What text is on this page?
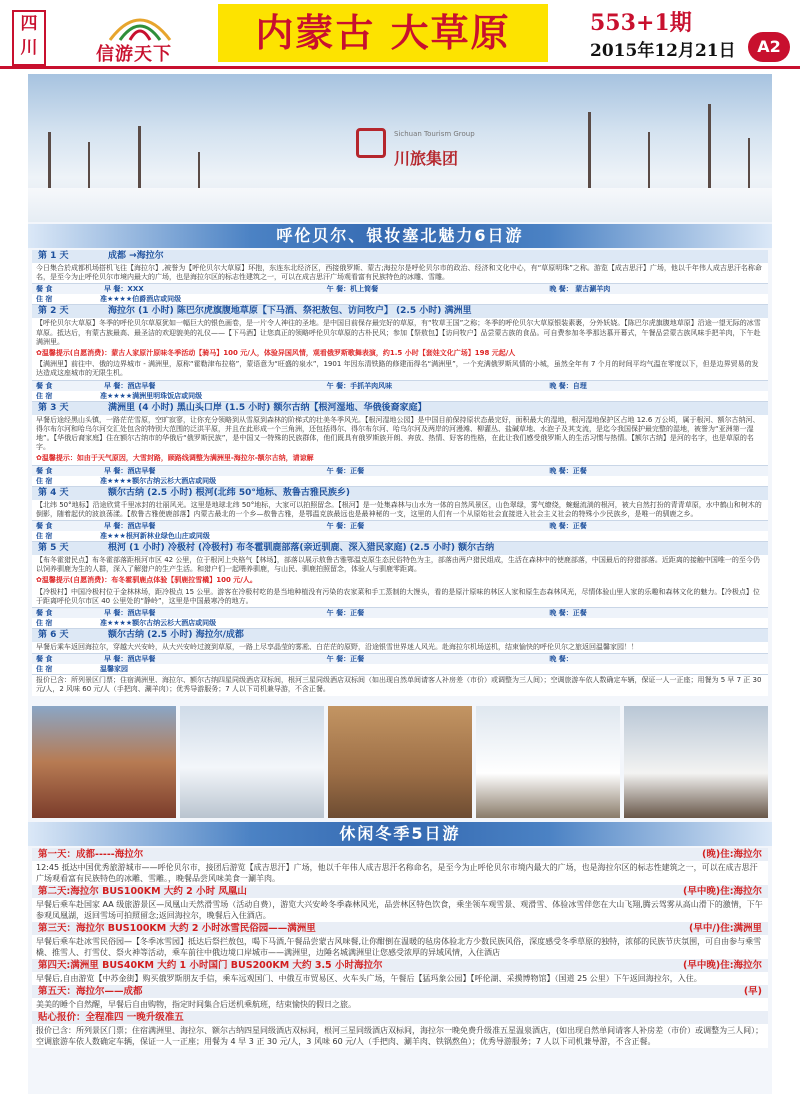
四川	信游天下	内蒙古 大草原	553+1期
2015年12月21日	A2
Sichuan Tourism Group
川旅集团
呼伦贝尔、银妆塞北魅力6日游
第 1 天	成都 →海拉尔
今日集合於成都机场搭机飞往【海拉尔】,被誉为【呼伦贝尔大草原】环抱，东连东北经济区，西接俄罗斯、蒙古;海拉尔是呼伦贝尔市的政治、经济和文化中心，有“草原明珠”之称。游览【成吉思汗】广场，他以千年伟人成吉思汗名称命名，是至今为止呼伦贝尔市境内最大的广场，也是海拉尔区的标志性建筑之一，可以在成吉思汗广场观看富有民族特色的冰雕、雪雕。
餐 食	早 餐：XXX	午 餐：机上简餐	晚 餐： 蒙古涮羊肉
住 宿	准★★★★伯爵酒店或同级
第 2 天	海拉尔 (1 小时) 陈巴尔虎旗腹地草原【下马酒、祭祀敖包、访问牧户】 (2.5 小时) 满洲里
【呼伦贝尔大草原】冬季的呼伦贝尔草原犹如一幅巨大的银色画卷，是一片令人神往的圣地。是中国目前保存最完好的草原，有“牧草王国”之称；冬季的呼伦贝尔大草原银装素裹，分外妖娆。【陈巴尔虎旗腹地草原】沿途一望无际的冰雪草原。抵达后，有蒙古族最高、最圣洁的欢迎貌美的礼仪——【下马酒】让您真正的领略呼伦贝尔草原的古朴民风；参加【祭敖包】【访问牧户】品尝蒙古族的食品。可自费参加冬季那达慕开幕式，午餐品尝蒙古族风味手把羊肉，下午赴满洲里。
✿温馨提示(自愿消费)：蒙古人家原汁原味冬季活动【骑马】100 元/人，体验异国风情，观看俄罗斯歌舞表演，约1.5 小时【套娃文化广场】198 元起/人
【满洲里】前往中、俄的边界城市 - 满洲里，原称“霍勒津布拉格”，蒙语意为“旺盛的泉水”，1901 年因东清铁路的修建而得名“满洲里”，一个充满俄罗斯风情的小城，虽然全年有 7 个月的时间平均气温在零度以下，但是边界贸易的发达造成这座城市的无限生机。
餐 食	早 餐：酒店早餐	午 餐：手抓羊肉风味	晚 餐：自理
住 宿	准★★★★满洲里明珠饭店或同级
第 3 天	满洲里 (4 小时) 黑山头口岸 (1.5 小时) 额尔古纳【根河湿地、华俄後裔家庭】
早餐后途经黑山头镇，一路茫茫雪原，空旷寂寥，让你充分领略到从雪原到森林的阶梯式的壮美冬季风光。【根河湿地公园】是中国目前保持原状态最完好，面积最大的湿地，根河湿地保护区占地 12.6 万公顷，属于根河、额尔古纳河、得尔布尔河和哈乌尔河交汇处包含的特别大范围的泛洪平原，并且在此形成一个三角洲，还包括得尔、得尔布尔河、哈乌尔河及两岸的河漫滩、柳灌丛、盐碱草地、水泡子及其支流，是迄今我国保护最完整的湿地，被誉为“亚洲第一湿地”。【华俄后裔家庭】住在额尔古纳市的华俄后“俄罗斯民族”，是中国又一特殊的民族群体，他们既具有俄罗斯族开朗、奔放、热情、好客的性格，在此让我们感受俄罗斯人的生活习惯与热情。【额尔古纳】是河的名字，也是草原的名字。
✿温馨提示：如由于天气原因，大雪封路，顾路线调整为满洲里-海拉尔-额尔古纳，请谅解
餐 食	早 餐：酒店早餐	午 餐：正餐	晚 餐：正餐
住 宿	准★★★★额尔古纳云杉大酒店或同级
第 4 天	额尔古纳 (2.5 小时) 根河(北纬 50°地标、敖鲁古雅民族乡)
【北纬 50°地标】沿途欣赏千里冰封的壮丽风光。这里是地球北纬 50°地标，大家可以拍照留念。【根河】是一处集森林与山水为一体的自然风景区，山色翠绿，雾气缭绕，蜿蜒流淌的根河，被大自然打扮的青青草原，水中鹤山和树木的倒影，随着起伏的波浪荡漾。【敖鲁古雅使鹿部落】内蒙古最北的一个乡—敖鲁古雅，是鄂温克族最远也是最神秘的一支，这里的人们有一个从原始社会直接进入社会主义社会的特殊小少民族乡，是唯一的驯鹿之乡。
餐 食	早 餐：酒店早餐	午 餐：正餐	晚 餐：正餐
住 宿	准★★★根河新林业绿色山庄或同级
第 5 天	根河 (1 小时) 冷极村 (冷极村) 布冬霍驯鹿部落(亲近驯鹿、深入猎民家庭) (2.5 小时) 额尔古纳
【布冬霍猎民点】布冬霍部落距根河市区 42 公里，位于根河上央格气【林场】，部落以展示敖鲁古雅鄂温克原生态民俗特色为主，部落由两户猎民组成，生活在森林中的使鹿部落，中国最后的狩猎部落。近距离的接触中国唯一的至今仍以饲养驯鹿为生的人群，深入了解猎户的生产生活。和猎户们一起喂养驯鹿，与山民、驯鹿拍照留念，体验人与驯鹿零距离。
✿温馨提示(自愿消费)：布冬霍驯鹿点体验【驯鹿拉雪橇】100 元/人。
【冷极村】中国冷极村位于金林林场，距冷极点 15 公里。游客在冷极村吃的是当地种植没有污染的农家菜和手工蒸制的大馒头，看的是原汁原味的林区人家和原生态森林风光，尽情体验山里人家的乐趣和森林文化的魅力。【冷极点】位于距离呼伦贝尔市区 40 公里处的“静岭”，这里是中国最寒冷的地方。
餐 食	早 餐：酒店早餐	午 餐：正餐	晚 餐：正餐
住 宿	准★★★★额尔古纳云杉大酒店或同级
第 6 天	额尔古纳 (2.5 小时) 海拉尔/成都
早餐后乘车返回海拉尔，穿越大兴安岭，从大兴安岭过渡到草原，一路上尽享晶莹的雾凇、白茫茫的原野，沿途银雪世界迷人风光。赴海拉尔机场送机，结束愉快的呼伦贝尔之旅返回温馨家园！！
餐 食	早 餐：酒店早餐	午 餐：正餐	晚 餐：
住 宿	温馨家园
报价已含：所列景区门票；住宿满洲里、海拉尔、额尔古纳四星同级酒店双标间，根河三星同级酒店双标间（如出现自然单间请客人补房差（市价）或调整为三人间）；空调旅游车依人数确定车辆，保证一人一正座；用餐为 5 早 7 正 30 元/人，2 风味 60 元/人（手把肉、涮羊肉）；优秀导游服务；7 人以下司机兼导游，不含正餐。
休闲冬季5日游
第一天：成都-----海拉尔	(晚)住:海拉尔
12:45 抵达中国优秀旅游城市——呼伦贝尔市，接团后游览【成吉思汗】广场，他以千年伟人成吉思汗名称命名，是至今为止呼伦贝尔市境内最大的广场，也是海拉尔区的标志性建筑之一，可以在成吉思汗广场观看富有民族特色的冰雕、雪雕。，晚餐品尝风味美食一涮羊肉。
第二天:海拉尔 BUS100KM 大约 2 小时 凤凰山	(早中晚)住:海拉尔
早餐后乘车赴国家 AA 级旅游景区—凤凰山天然滑雪场（活动自费），游览大兴安岭冬季森林风光，品尝林区特色饮食，乘坐领车观雪景、观滑雪、体验冰雪伴您在大山飞翔,腾云驾雾从高山滑下的激情，下午参观凤凰湖，返回雪场可拍照留念;返回海拉尔，晚餐后入住酒店。
第三天：海拉尔 BUS100KM 大约 2 小时冰雪民俗园——满洲里	(早中/)住:满洲里
早餐后乘车赴冰雪民俗园—【冬季冰雪园】抵达后祭拦敖包，喝下马酒,午餐品尝蒙古风味餐,让你酣倒在温暖的毡房体验北方少数民族风俗，深度感受冬季草原的独特，浓郁的民族节庆氛围，可自由参与乘雪橇、推雪人、打雪仗、祭火神等活动，乘车前往中俄边境口岸城市——满洲里，边陲名城满洲里让您感受浓厚的异域风情，入住酒店
第四天:满洲里 BUS40KM 大约 1 小时国门 BUS200KM 大约 3.5 小时海拉尔	(早中晚)住:海拉尔
早餐后,自由游览【中苏金街】购买俄罗斯朋友手信，乘车远观国门、中俄互市贸易区、火车头广场，午餐后【猛玛象公园】【呼伦湖、采摸博物馆】（国道 25 公里）下午返回海拉尔，入住。
第五天：海拉尔——成都	(早)
美美的睡个自然醒，早餐后自由购物，指定时间集合后送机乘航班，结束愉快的假日之旅。
贴心报价：全程准四 一晚升级准五
报价已含：所列景区门票；住宿满洲里、海拉尔、额尔古纳四星同级酒店双标间，根河三星同级酒店双标间，海拉尔一晚免费升级准五星温泉酒店，(如出现自然单间请客人补房差（市价）或调整为三人间）；空调旅游车依人数确定车辆，保证一人一正座；用餐为 4 早 3 正 30 元/人，3 风味 60 元/人（手把肉、涮羊肉、铁锅熬鱼）；优秀导游服务；7 人以下司机兼导游，不含正餐。
